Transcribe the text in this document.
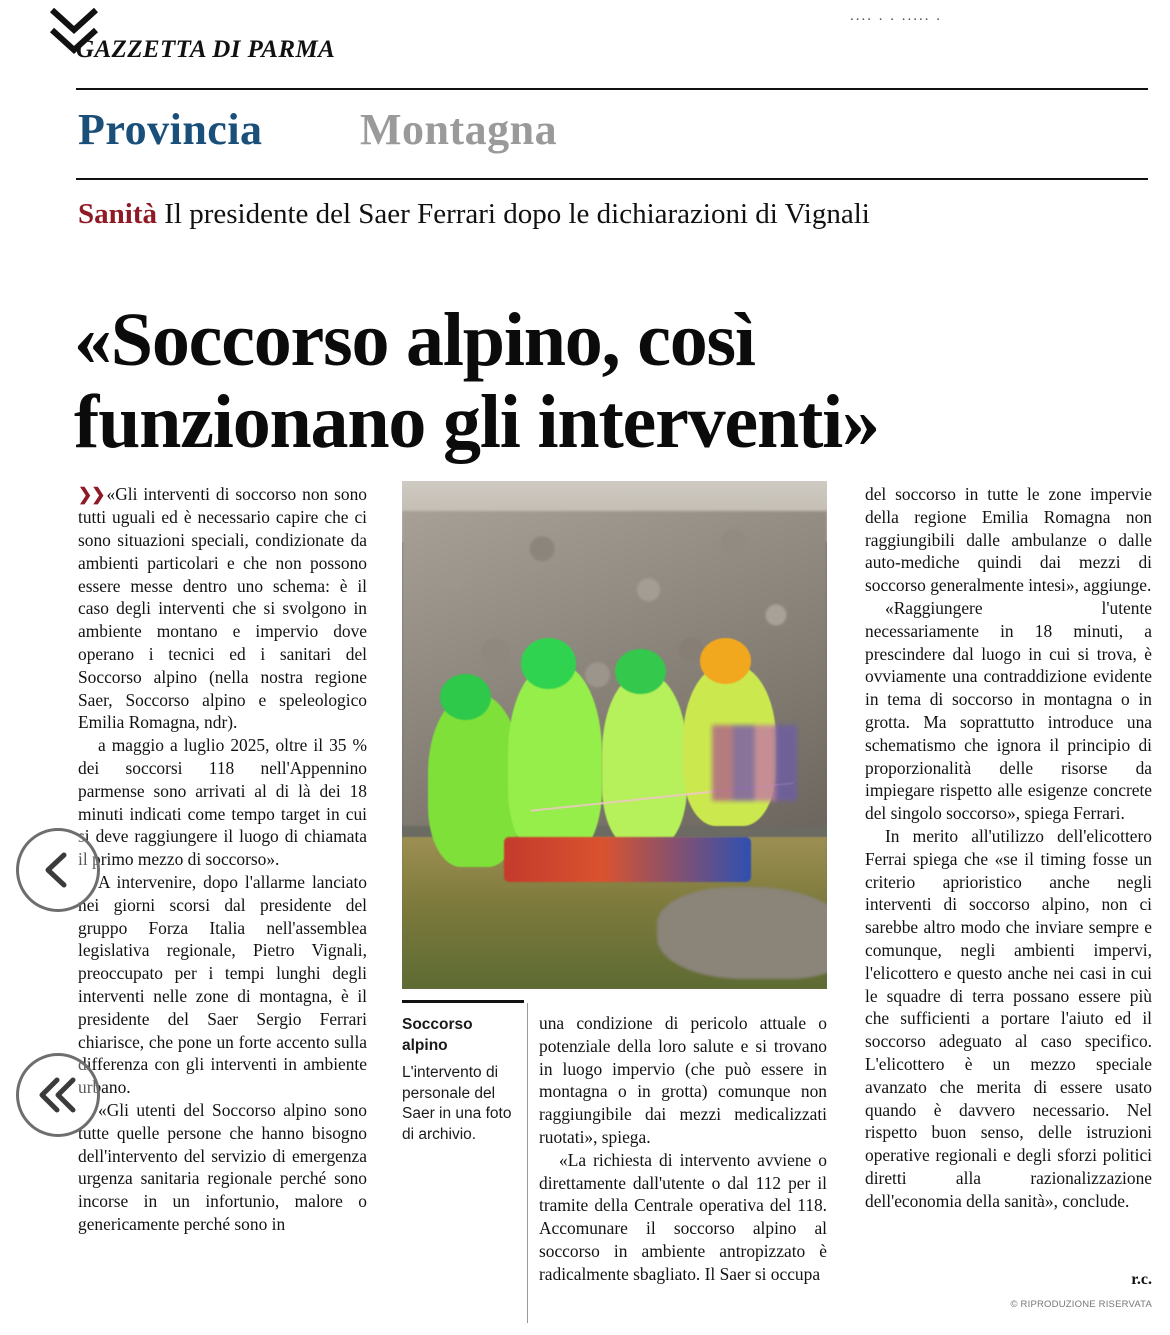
GAZZETTA DI PARMA
.... . . ..... .
Provincia Montagna
Sanità Il presidente del Saer Ferrari dopo le dichiarazioni di Vignali
«Soccorso alpino, così
funzionano gli interventi»

❯❯ «Gli interventi di soccorso non sono tutti uguali ed è necessario capire che ci sono situazioni speciali, condizionate da ambienti particolari e che non possono essere messe dentro uno schema: è il caso degli interventi che si svolgono in ambiente montano e impervio dove operano i tecnici ed i sanitari del Soccorso alpino (nella nostra regione Saer, Soccorso alpino e speleologico Emilia Romagna, ndr).

a maggio a luglio 2025, oltre il 35 % dei soccorsi 118 nell'Appennino parmense sono arrivati al di là dei 18 minuti indicati come tempo target in cui si deve raggiungere il luogo di chiamata il primo mezzo di soccorso».

A intervenire, dopo l'allarme lanciato nei giorni scorsi dal presidente del gruppo Forza Italia nell'assemblea legislativa regionale, Pietro Vignali, preoccupato per i tempi lunghi degli interventi nelle zone di montagna, è il presidente del Saer Sergio Ferrari chiarisce, che pone un forte accento sulla differenza con gli interventi in ambiente urbano.

«Gli utenti del Soccorso alpino sono tutte quelle persone che hanno bisogno dell'intervento del servizio di emergenza urgenza sanitaria regionale perché sono incorse in un infortunio, malore o genericamente perché sono in

Soccorso alpino
L'intervento di personale del Saer in una foto di archivio.

una condizione di pericolo attuale o potenziale della loro salute e si trovano in luogo impervio (che può essere in montagna o in grotta) comunque non raggiungibile dai mezzi medicalizzati ruotati», spiega.

«La richiesta di intervento avviene o direttamente dall'utente o dal 112 per il tramite della Centrale operativa del 118. Accomunare il soccorso alpino al soccorso in ambiente antropizzato è radicalmente sbagliato. Il Saer si occupa

del soccorso in tutte le zone impervie della regione Emilia Romagna non raggiungibili dalle ambulanze o dalle auto-mediche quindi dai mezzi di soccorso generalmente intesi», aggiunge.

«Raggiungere l'utente necessariamente in 18 minuti, a prescindere dal luogo in cui si trova, è ovviamente una contraddizione evidente in tema di soccorso in montagna o in grotta. Ma soprattutto introduce una schematismo che ignora il principio di proporzionalità delle risorse da impiegare rispetto alle esigenze concrete del singolo soccorso», spiega Ferrari.

In merito all'utilizzo dell'elicottero Ferrai spiega che «se il timing fosse un criterio aprioristico anche negli interventi di soccorso alpino, non ci sarebbe altro modo che inviare sempre e comunque, negli ambienti impervi, l'elicottero e questo anche nei casi in cui le squadre di terra possano essere più che sufficienti a portare l'aiuto ed il soccorso adeguato al caso specifico. L'elicottero è un mezzo speciale avanzato che merita di essere usato quando è davvero necessario. Nel rispetto buon senso, delle istruzioni operative regionali e degli sforzi politici diretti alla razionalizzazione dell'economia della sanità», conclude.

r.c.
© RIPRODUZIONE RISERVATA
